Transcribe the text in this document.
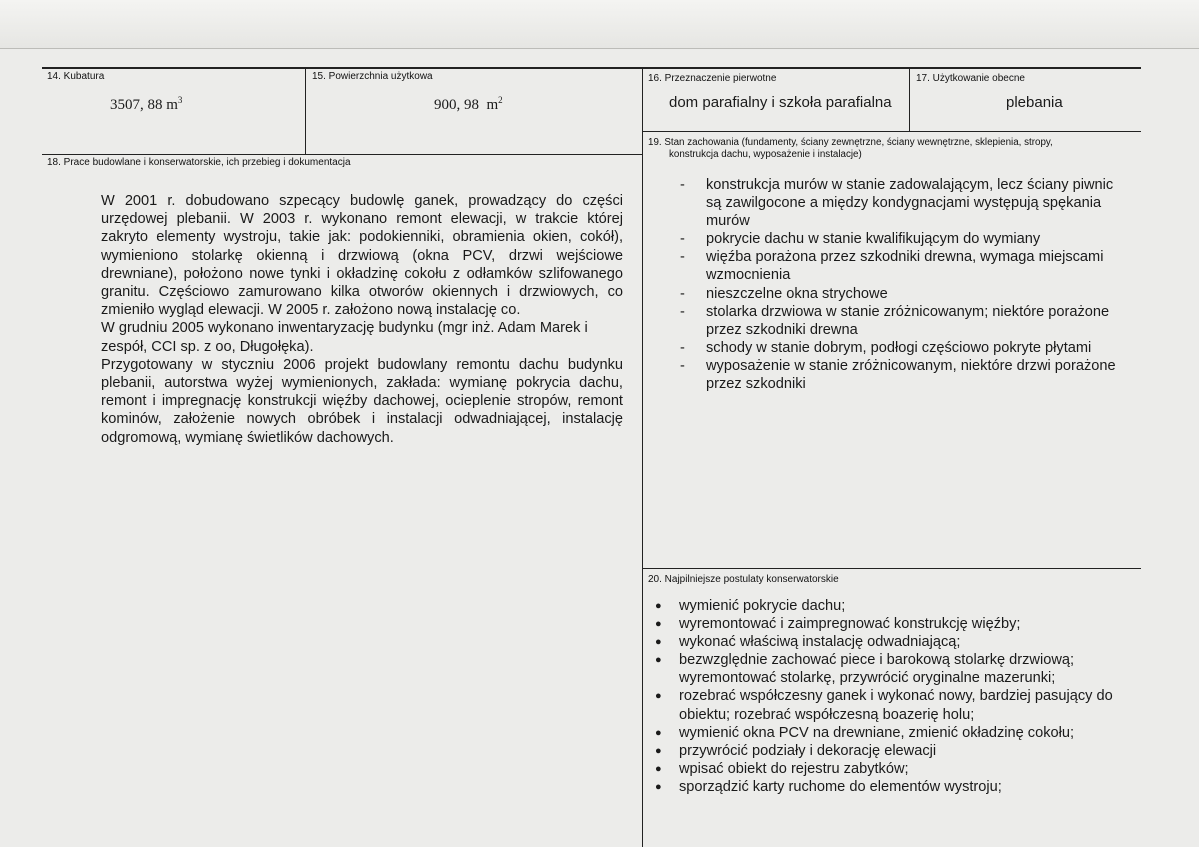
14. Kubatura
3507, 88 $m^3$
15. Powierzchnia użytkowa
900, 98 $m^2$
16. Przeznaczenie pierwotne
dom parafialny i szkoła parafialna
17. Użytkowanie obecne
plebania
18. Prace budowlane i konserwatorskie, ich przebieg i dokumentacja

W 2001 r. dobudowano szpecący budowlę ganek, prowadzący do części urzędowej plebanii. W 2003 r. wykonano remont elewacji, w trakcie której zakryto elementy wystroju, takie jak: podokienniki, obramienia okien, cokół), wymieniono stolarkę okienną i drzwiową (okna PCV, drzwi wejściowe drewniane), położono nowe tynki i okładzinę cokołu z odłamków szlifowanego granitu. Częściowo zamurowano kilka otworów okiennych i drzwiowych, co zmieniło wygląd elewacji. W 2005 r. założono nową instalację co.

W grudniu 2005 wykonano inwentaryzację budynku (mgr inż. Adam Marek i zespół, CCI sp. z oo, Długołęka).

Przygotowany w styczniu 2006 projekt budowlany remontu dachu budynku plebanii, autorstwa wyżej wymienionych, zakłada: wymianę pokrycia dachu, remont i impregnację konstrukcji więźby dachowej, ocieplenie stropów, remont kominów, założenie nowych obróbek i instalacji odwadniającej, instalację odgromową, wymianę świetlików dachowych.

19. Stan zachowania (fundamenty, ściany zewnętrzne, ściany wewnętrzne, sklepienia, stropy,
konstrukcja dachu, wyposażenie i instalacje)
- konstrukcja murów w stanie zadowalającym, lecz ściany piwnic są zawilgocone a między kondygnacjami występują spękania murów
- pokrycie dachu w stanie kwalifikującym do wymiany
- więźba porażona przez szkodniki drewna, wymaga miejscami wzmocnienia
- nieszczelne okna strychowe
- stolarka drzwiowa w stanie zróżnicowanym; niektóre porażone przez szkodniki drewna
- schody w stanie dobrym, podłogi częściowo pokryte płytami
- wyposażenie w stanie zróżnicowanym, niektóre drzwi porażone przez szkodniki
20. Najpilniejsze postulaty konserwatorskie
● wymienić pokrycie dachu;
● wyremontować i zaimpregnować konstrukcję więźby;
● wykonać właściwą instalację odwadniającą;
● bezwzględnie zachować piece i barokową stolarkę drzwiową; wyremontować stolarkę, przywrócić oryginalne mazerunki;
● rozebrać współczesny ganek i wykonać nowy, bardziej pasujący do obiektu; rozebrać współczesną boazerię holu;
● wymienić okna PCV na drewniane, zmienić okładzinę cokołu;
● przywrócić podziały i dekorację elewacji
● wpisać obiekt do rejestru zabytków;
● sporządzić karty ruchome do elementów wystroju;
